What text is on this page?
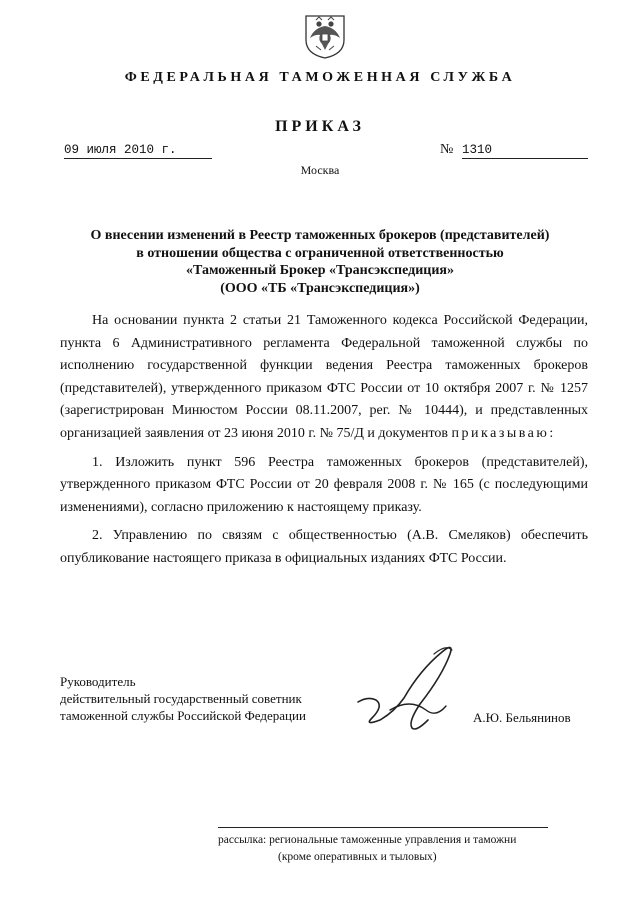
ФЕДЕРАЛЬНАЯ ТАМОЖЕННАЯ СЛУЖБА
ПРИКАЗ
09 июля 2010 г.	№ 1310
Москва
О внесении изменений в Реестр таможенных брокеров (представителей)
в отношении общества с ограниченной ответственностью
«Таможенный Брокер «Трансэкспедиция»
(ООО «ТБ «Трансэкспедиция»)

На основании пункта 2 статьи 21 Таможенного кодекса Российской Федерации, пункта 6 Административного регламента Федеральной таможенной службы по исполнению государственной функции ведения Реестра таможенных брокеров (представителей), утвержденного приказом ФТС России от 10 октября 2007 г. № 1257 (зарегистрирован Минюстом России 08.11.2007, рег. № 10444), и представленных организацией заявления от 23 июня 2010 г. № 75/Д и документов приказываю:

1. Изложить пункт 596 Реестра таможенных брокеров (представителей), утвержденного приказом ФТС России от 20 февраля 2008 г. № 165 (с последующими изменениями), согласно приложению к настоящему приказу.

2. Управлению по связям с общественностью (А.В. Смеляков) обеспечить опубликование настоящего приказа в официальных изданиях ФТС России.

Руководитель
действительный государственный советник
таможенной службы Российской Федерации	А.Ю. Бельянинов
рассылка: региональные таможенные управления и таможни
(кроме оперативных и тыловых)
